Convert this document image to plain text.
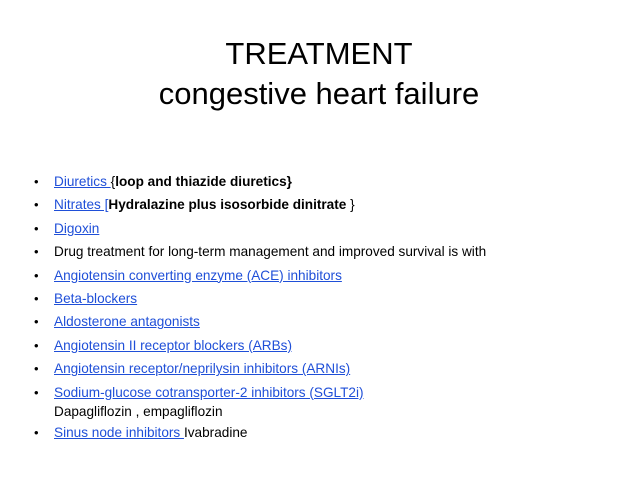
TREATMENT
congestive heart failure
• Diuretics {loop and thiazide diuretics}
• Nitrates [Hydralazine plus isosorbide dinitrate }
• Digoxin
• Drug treatment for long-term management and improved survival is with
• Angiotensin converting enzyme (ACE) inhibitors
• Beta-blockers
• Aldosterone antagonists
• Angiotensin II receptor blockers (ARBs)
• Angiotensin receptor/neprilysin inhibitors (ARNIs)
• Sodium-glucose cotransporter-2 inhibitors (SGLT2i)
Dapagliflozin , empagliflozin
• Sinus node inhibitors Ivabradine
